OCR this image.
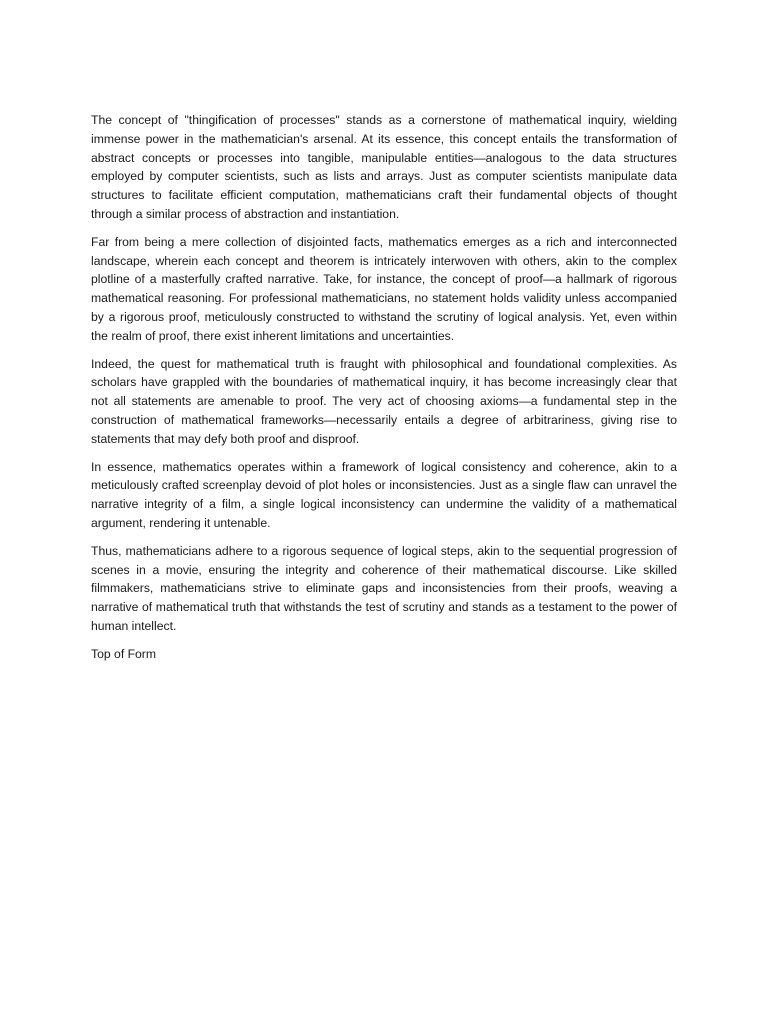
The concept of "thingification of processes" stands as a cornerstone of mathematical inquiry, wielding immense power in the mathematician's arsenal. At its essence, this concept entails the transformation of abstract concepts or processes into tangible, manipulable entities—analogous to the data structures employed by computer scientists, such as lists and arrays. Just as computer scientists manipulate data structures to facilitate efficient computation, mathematicians craft their fundamental objects of thought through a similar process of abstraction and instantiation.

Far from being a mere collection of disjointed facts, mathematics emerges as a rich and interconnected landscape, wherein each concept and theorem is intricately interwoven with others, akin to the complex plotline of a masterfully crafted narrative. Take, for instance, the concept of proof—a hallmark of rigorous mathematical reasoning. For professional mathematicians, no statement holds validity unless accompanied by a rigorous proof, meticulously constructed to withstand the scrutiny of logical analysis. Yet, even within the realm of proof, there exist inherent limitations and uncertainties.

Indeed, the quest for mathematical truth is fraught with philosophical and foundational complexities. As scholars have grappled with the boundaries of mathematical inquiry, it has become increasingly clear that not all statements are amenable to proof. The very act of choosing axioms—a fundamental step in the construction of mathematical frameworks—necessarily entails a degree of arbitrariness, giving rise to statements that may defy both proof and disproof.

In essence, mathematics operates within a framework of logical consistency and coherence, akin to a meticulously crafted screenplay devoid of plot holes or inconsistencies. Just as a single flaw can unravel the narrative integrity of a film, a single logical inconsistency can undermine the validity of a mathematical argument, rendering it untenable.

Thus, mathematicians adhere to a rigorous sequence of logical steps, akin to the sequential progression of scenes in a movie, ensuring the integrity and coherence of their mathematical discourse. Like skilled filmmakers, mathematicians strive to eliminate gaps and inconsistencies from their proofs, weaving a narrative of mathematical truth that withstands the test of scrutiny and stands as a testament to the power of human intellect.

Top of Form
